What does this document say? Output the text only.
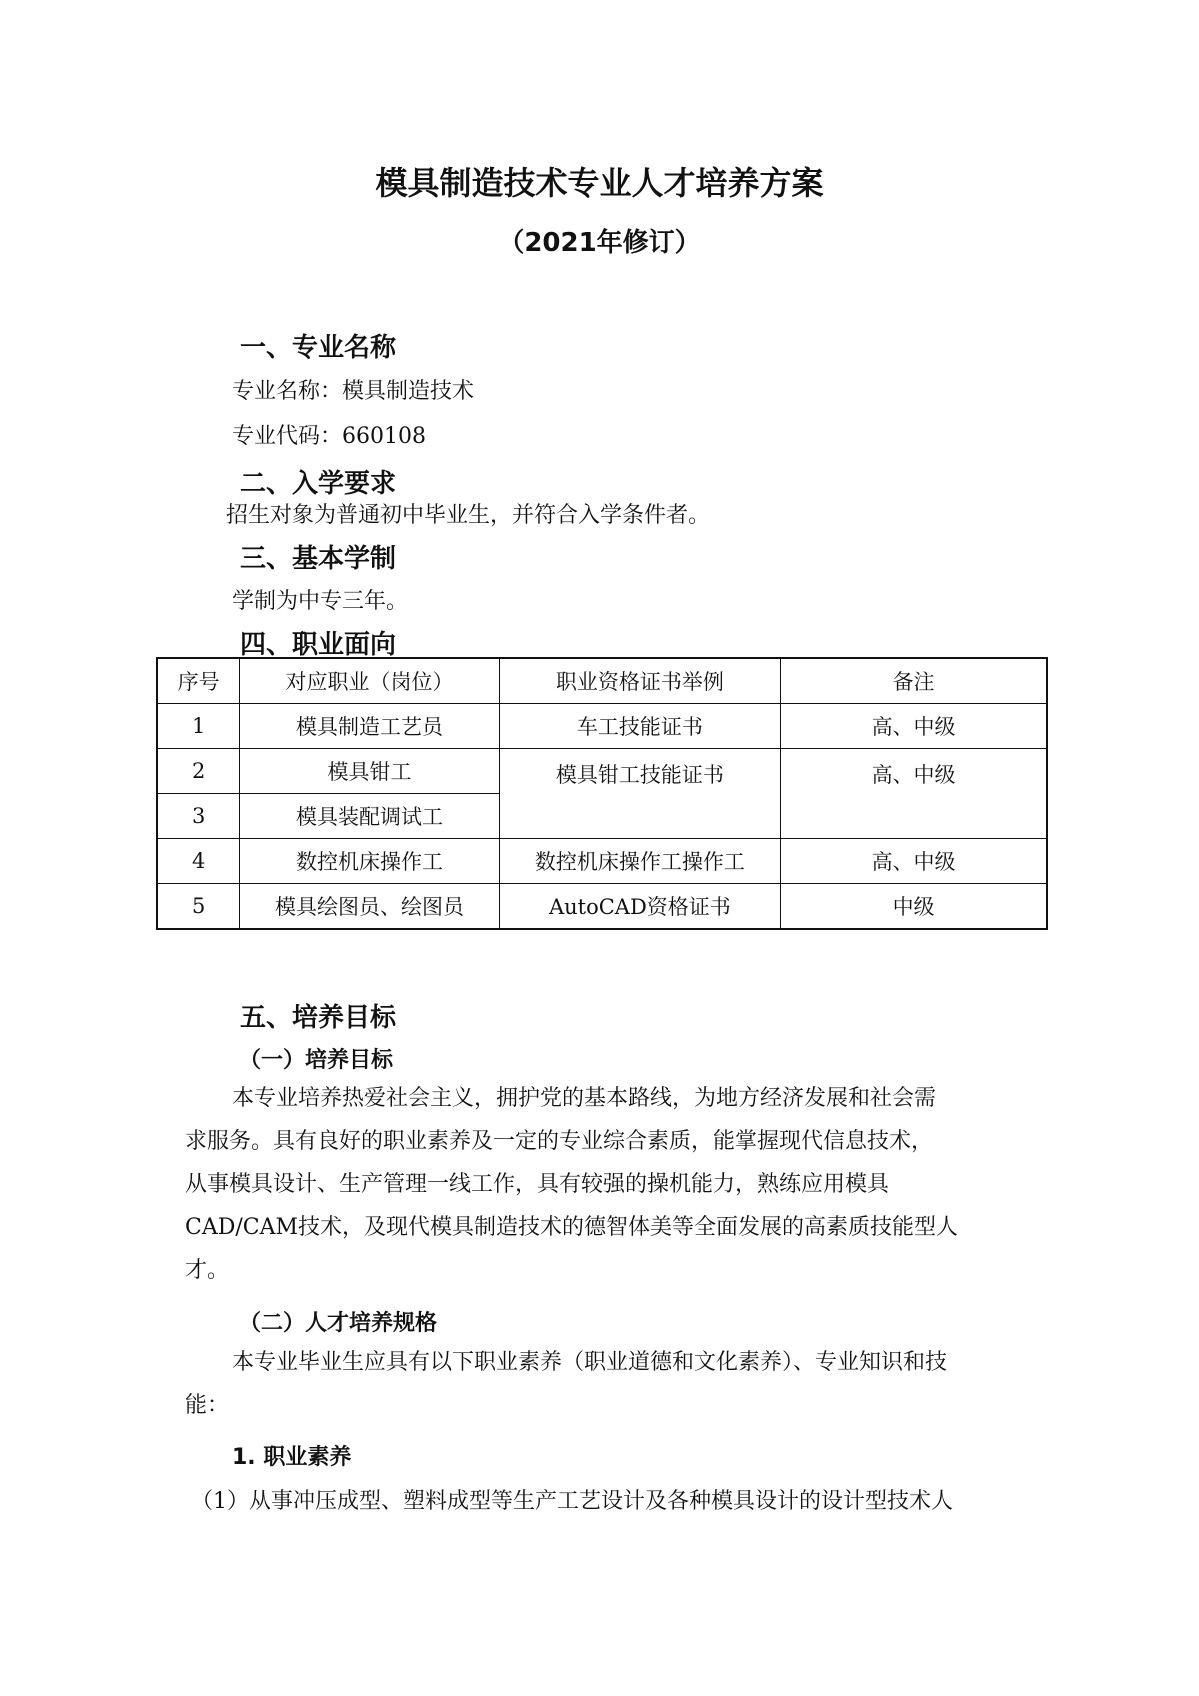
模具制造技术专业人才培养方案
（2021年修订）
一、专业名称
专业名称：模具制造技术
专业代码：660108
二、入学要求
招生对象为普通初中毕业生，并符合入学条件者。
三、基本学制
学制为中专三年。
四、职业面向
序号	对应职业（岗位）	职业资格证书举例	备注
1	模具制造工艺员	车工技能证书	高、中级
2	模具钳工	模具钳工技能证书	高、中级
3	模具装配调试工		
4	数控机床操作工	数控机床操作工操作工	高、中级
5	模具绘图员、绘图员	AutoCAD资格证书	中级
五、培养目标
（一）培养目标

本专业培养热爱社会主义，拥护党的基本路线，为地方经济发展和社会需

求服务。具有良好的职业素养及一定的专业综合素质，能掌握现代信息技术，

从事模具设计、生产管理一线工作，具有较强的操机能力，熟练应用模具

CAD/CAM技术，及现代模具制造技术的德智体美等全面发展的高素质技能型人

才。

（二）人才培养规格

本专业毕业生应具有以下职业素养（职业道德和文化素养）、专业知识和技

能：

1. 职业素养
（1）从事冲压成型、塑料成型等生产工艺设计及各种模具设计的设计型技术人
